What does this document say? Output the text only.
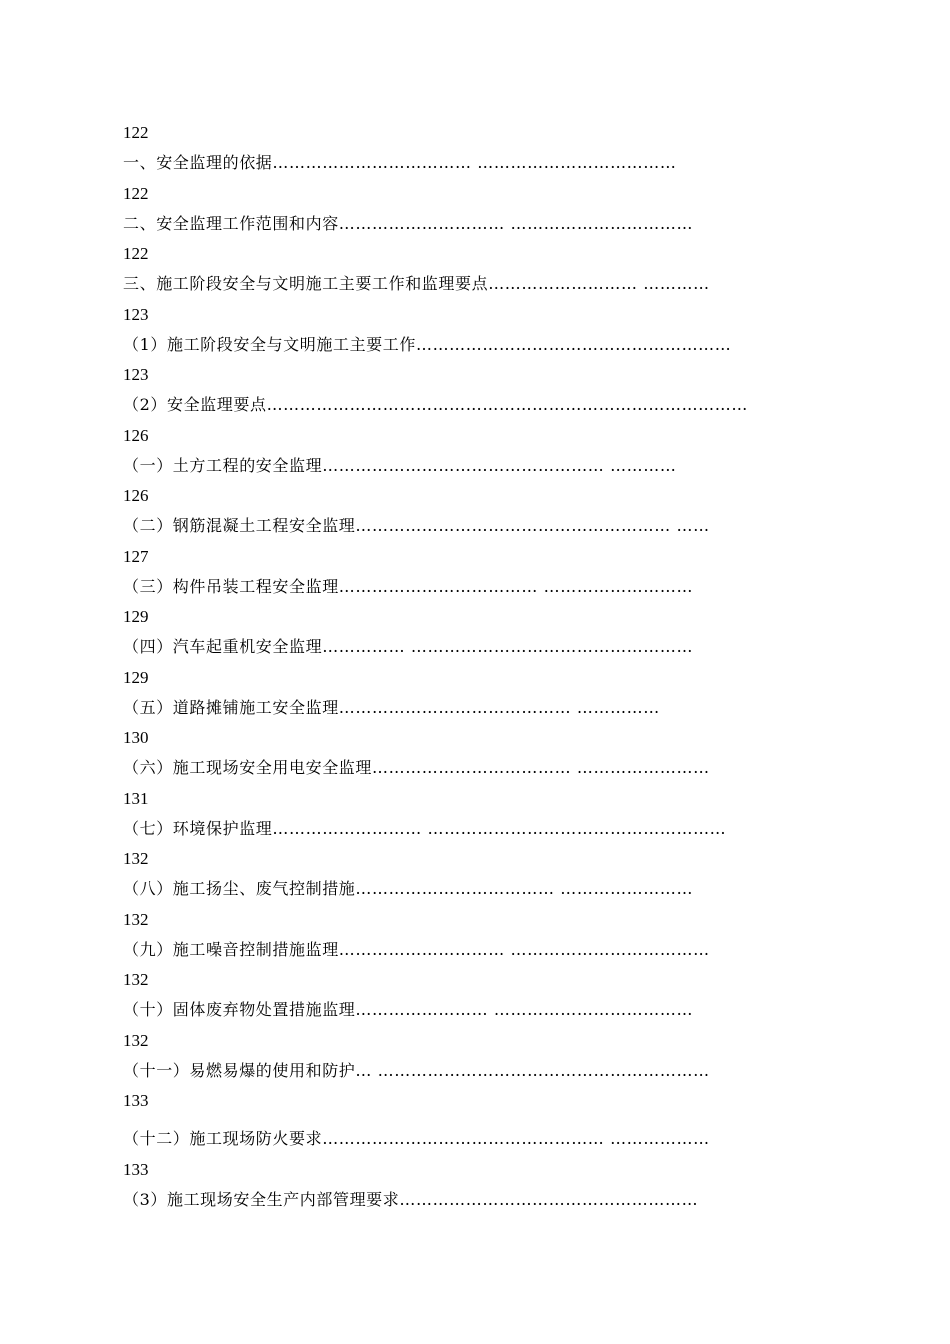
122
一、安全监理的依据……………………………… ………………………………
122
二、安全监理工作范围和内容………………………… ……………………………
122
三、施工阶段安全与文明施工主要工作和监理要点……………………… …………
123
（1）施工阶段安全与文明施工主要工作…………………………………………………
123
（2）安全监理要点……………………………………………………………………………
126
（一）土方工程的安全监理…………………………………………… …………
126
（二）钢筋混凝土工程安全监理………………………………………………… ……
127
（三）构件吊装工程安全监理……………………………… ………………………
129
（四）汽车起重机安全监理…………… ……………………………………………
129
（五）道路摊铺施工安全监理…………………………………… ……………
130
（六）施工现场安全用电安全监理……………………………… ……………………
131
（七）环境保护监理……………………… ………………………………………………
132
（八）施工扬尘、废气控制措施……………………………… ……………………
132
（九）施工噪音控制措施监理………………………… ………………………………
132
（十）固体废弃物处置措施监理…………………… ………………………………
132
（十一）易燃易爆的使用和防护… ……………………………………………………
133
（十二）施工现场防火要求…………………………………………… ………………
133
（3）施工现场安全生产内部管理要求………………………………………………
